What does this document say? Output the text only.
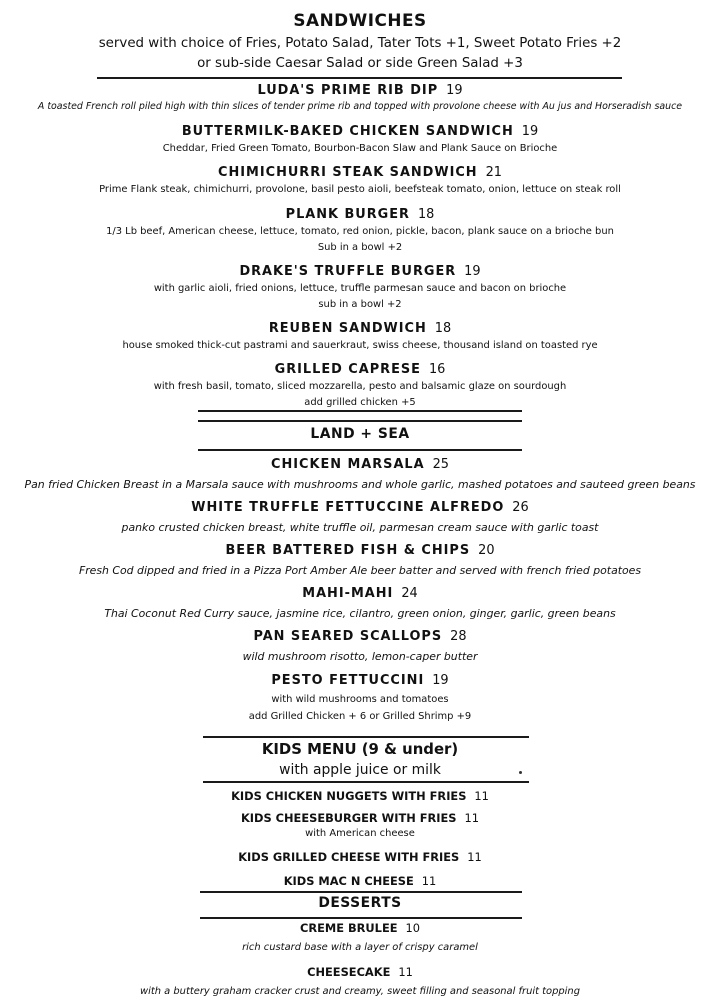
SANDWICHES
served with choice of Fries, Potato Salad, Tater Tots +1, Sweet Potato Fries +2
or sub-side Caesar Salad or side Green Salad +3
LUDA'S PRIME RIB DIP 19
A toasted French roll piled high with thin slices of tender prime rib and topped with provolone cheese with Au jus and Horseradish sauce
BUTTERMILK-BAKED CHICKEN SANDWICH 19
Cheddar, Fried Green Tomato, Bourbon-Bacon Slaw and Plank Sauce on Brioche
CHIMICHURRI STEAK SANDWICH 21
Prime Flank steak, chimichurri, provolone, basil pesto aioli, beefsteak tomato, onion, lettuce on steak roll
PLANK BURGER 18
1/3 Lb beef, American cheese, lettuce, tomato, red onion, pickle, bacon, plank sauce on a brioche bun
Sub in a bowl +2
DRAKE'S TRUFFLE BURGER 19
with garlic aioli, fried onions, lettuce, truffle parmesan sauce and bacon on brioche
sub in a bowl +2
REUBEN SANDWICH 18
house smoked thick-cut pastrami and sauerkraut, swiss cheese, thousand island on toasted rye
GRILLED CAPRESE 16
with fresh basil, tomato, sliced mozzarella, pesto and balsamic glaze on sourdough
add grilled chicken +5
LAND + SEA
CHICKEN MARSALA 25
Pan fried Chicken Breast in a Marsala sauce with mushrooms and whole garlic, mashed potatoes and sauteed green beans
WHITE TRUFFLE FETTUCCINE ALFREDO 26
panko crusted chicken breast, white truffle oil, parmesan cream sauce with garlic toast
BEER BATTERED FISH & CHIPS 20
Fresh Cod dipped and fried in a Pizza Port Amber Ale beer batter and served with french fried potatoes
MAHI-MAHI 24
Thai Coconut Red Curry sauce, jasmine rice, cilantro, green onion, ginger, garlic, green beans
PAN SEARED SCALLOPS 28
wild mushroom risotto, lemon-caper butter
PESTO FETTUCCINI 19
with wild mushrooms and tomatoes
add Grilled Chicken + 6 or Grilled Shrimp +9
KIDS MENU (9 & under)
with apple juice or milk
KIDS CHICKEN NUGGETS WITH FRIES 11
KIDS CHEESEBURGER WITH FRIES 11
with American cheese
KIDS GRILLED CHEESE WITH FRIES 11
KIDS MAC N CHEESE 11
DESSERTS
CREME BRULEE 10
rich custard base with a layer of crispy caramel
CHEESECAKE 11
with a buttery graham cracker crust and creamy, sweet filling and seasonal fruit topping
